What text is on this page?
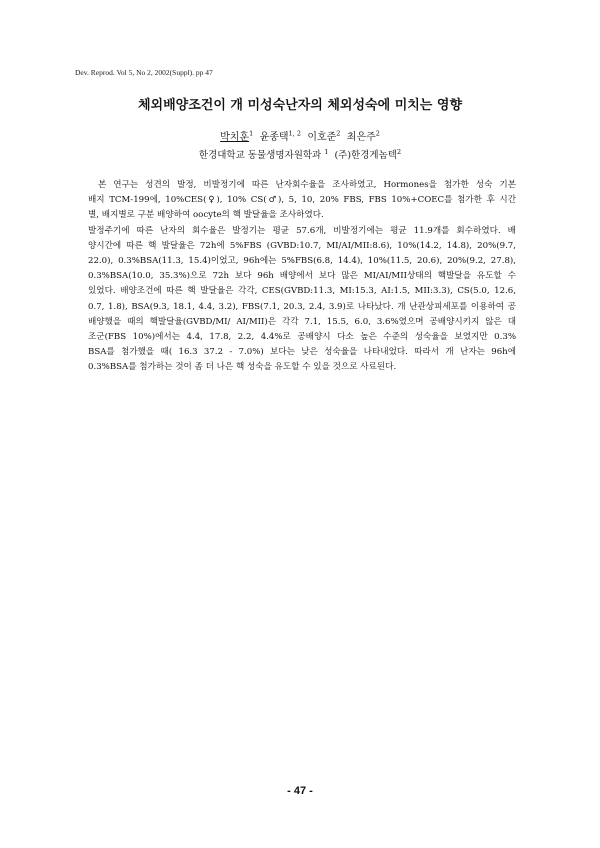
Dev. Reprod. Vol 5, No 2, 2002(Suppl). pp 47
체외배양조건이 개 미성숙난자의 체외성숙에 미치는 영향
박치훈$^1$ 윤종택$^{1, 2}$ 이호준$^2$ 최은주$^2$
한경대학교 동물생명자원학과 $^1$ (주)한경게놈텍$^2$
본 연구는 성견의 발정, 비발정기에 따른 난자회수율을 조사하였고, Hormones을 첨가한 성숙 기본
배지 TCM-199에, 10%CES(♀), 10% CS(♂), 5, 10, 20% FBS, FBS 10%+COEC를 첨가한 후 시간
별, 배지별로 구분 배양하여 oocyte의 핵 발달율을 조사하였다.
발정주기에 따른 난자의 회수율은 발정기는 평균 57.6개, 비발정기에는 평균 11.9개를 회수하였다. 배
양시간에 따른 핵 발달율은 72h에 5%FBS (GVBD:10.7, MI/AI/MII:8.6), 10%(14.2, 14.8), 20%(9.7,
22.0), 0.3%BSA(11.3, 15.4)이었고, 96h에는 5%FBS(6.8, 14.4), 10%(11.5, 20.6), 20%(9.2, 27.8),
0.3%BSA(10.0, 35.3%)으로 72h 보다 96h 배양에서 보다 많은 MI/AI/MII상태의 핵발달을 유도할 수
있었다. 배양조건에 따른 핵 발달율은 각각, CES(GVBD:11.3, MI:15.3, AI:1.5, MII:3.3), CS(5.0, 12.6,
0.7, 1.8), BSA(9.3, 18.1, 4.4, 3.2), FBS(7.1, 20.3, 2.4, 3.9)로 나타났다. 개 난관상피세포를 이용하여 공
배양했을 때의 핵발달율(GVBD/MI/ AI/MII)은 각각 7.1, 15.5, 6.0, 3.6%였으며 공배양시키지 않은 대
조군(FBS 10%)에서는 4.4, 17.8, 2.2, 4.4%로 공배양시 다소 높은 수준의 성숙율을 보였지만 0.3%
BSA를 첨가했을 때( 16.3 37.2 - 7.0%) 보다는 낮은 성숙율을 나타내었다. 따라서 개 난자는 96h에
0.3%BSA를 첨가하는 것이 좀 더 나은 핵 성숙을 유도할 수 있을 것으로 사료된다.
- 47 -
